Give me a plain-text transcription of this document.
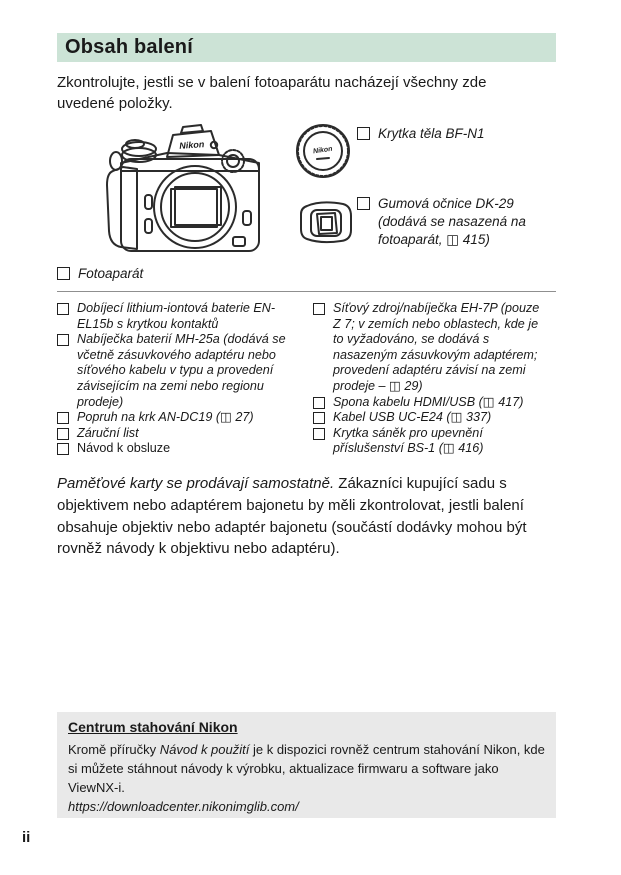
Obsah balení

Zkontrolujte, jestli se v balení fotoaparátu nacházejí všechny zde uvedené položky.

Nikon	Nikon
Krytka těla BF-N1
Gumová očnice DK-29 (dodává se nasazená na fotoaparát, ◫ 415)
Fotoaparát
Dobíjecí lithium-iontová baterie EN-EL15b s krytkou kontaktů
Nabíječka baterií MH-25a (dodává se včetně zásuvkového adaptéru nebo síťového kabelu v typu a provedení závisejícím na zemi nebo regionu prodeje)
Popruh na krk AN-DC19 (◫ 27)
Záruční list
Návod k obsluze
Síťový zdroj/nabíječka EH-7P (pouze Z 7; v zemích nebo oblastech, kde je to vyžadováno, se dodává s nasazeným zásuvkovým adaptérem; provedení adaptéru závisí na zemi prodeje – ◫ 29)
Spona kabelu HDMI/USB (◫ 417)
Kabel USB UC-E24 (◫ 337)
Krytka sáněk pro upevnění příslušenství BS-1 (◫ 416)

Paměťové karty se prodávají samostatně. Zákazníci kupující sadu s objektivem nebo adaptérem bajonetu by měli zkontrolovat, jestli balení obsahuje objektiv nebo adaptér bajonetu (součástí dodávky mohou být rovněž návody k objektivu nebo adaptéru).

Centrum stahování Nikon

Kromě příručky Návod k použití je k dispozici rovněž centrum stahování Nikon, kde si můžete stáhnout návody k výrobku, aktualizace firmwaru a software jako ViewNX-i.

https://downloadcenter.nikonimglib.com/

ii
